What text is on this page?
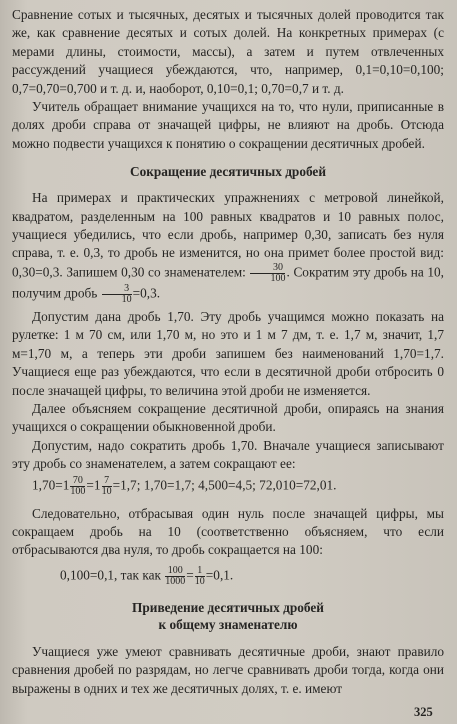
Сравнение сотых и тысячных, десятых и тысячных долей проводится так же, как сравнение десятых и сотых долей. На конкретных примерах (с мерами длины, стоимости, массы), а затем и путем отвлеченных рассуждений учащиеся убеждаются, что, например, 0,1=0,10=0,100; 0,7=0,70=0,700 и т. д. и, наоборот, 0,10=0,1; 0,70=0,7 и т. д.

Учитель обращает внимание учащихся на то, что нули, приписанные в долях дроби справа от значащей цифры, не влияют на дробь. Отсюда можно подвести учащихся к понятию о сокращении десятичных дробей.

Сокращение десятичных дробей

На примерах и практических упражнениях с метровой линейкой, квадратом, разделенным на 100 равных квадратов и 10 равных полос, учащиеся убедились, что если дробь, например 0,30, записать без нуля справа, т. е. 0,3, то дробь не изменится, но она примет более простой вид: 0,30=0,3. Запишем 0,30 со знаменателем: $\frac{30}{100}$ . Сократим эту дробь на 10, получим дробь $\frac{3}{10} =0,3$.

Допустим дана дробь 1,70. Эту дробь учащимся можно показать на рулетке: 1 м 70 см, или 1,70 м, но это и 1 м 7 дм, т. е. 1,7 м, значит, 1,7 м=1,70 м, а теперь эти дроби запишем без наименований 1,70=1,7. Учащиеся еще раз убеждаются, что если в десятичной дроби отбросить 0 после значащей цифры, то величина этой дроби не изменяется.

Далее объясняем сокращение десятичной дроби, опираясь на знания учащихся о сокращении обыкновенной дроби.

Допустим, надо сократить дробь 1,70. Вначале учащиеся записывают эту дробь со знаменателем, а затем сокращают ее:

$1,70=1 \frac{70}{100} =1 \frac{7}{10} =1,7$; 1,70=1,7; 4,500=4,5; 72,010=72,01.

Следовательно, отбрасывая один нуль после значащей цифры, мы сокращаем дробь на 10 (соответственно объясняем, что если отбрасываются два нуля, то дробь сокращается на 100:

0,100=0,1, так как $\frac{100}{1000} = \frac{1}{10} =0,1$.

Приведение десятичных дробей
к общему знаменателю

Учащиеся уже умеют сравнивать десятичные дроби, знают правило сравнения дробей по разрядам, но легче сравнивать дроби тогда, когда они выражены в одних и тех же десятичных долях, т. е. имеют

325
